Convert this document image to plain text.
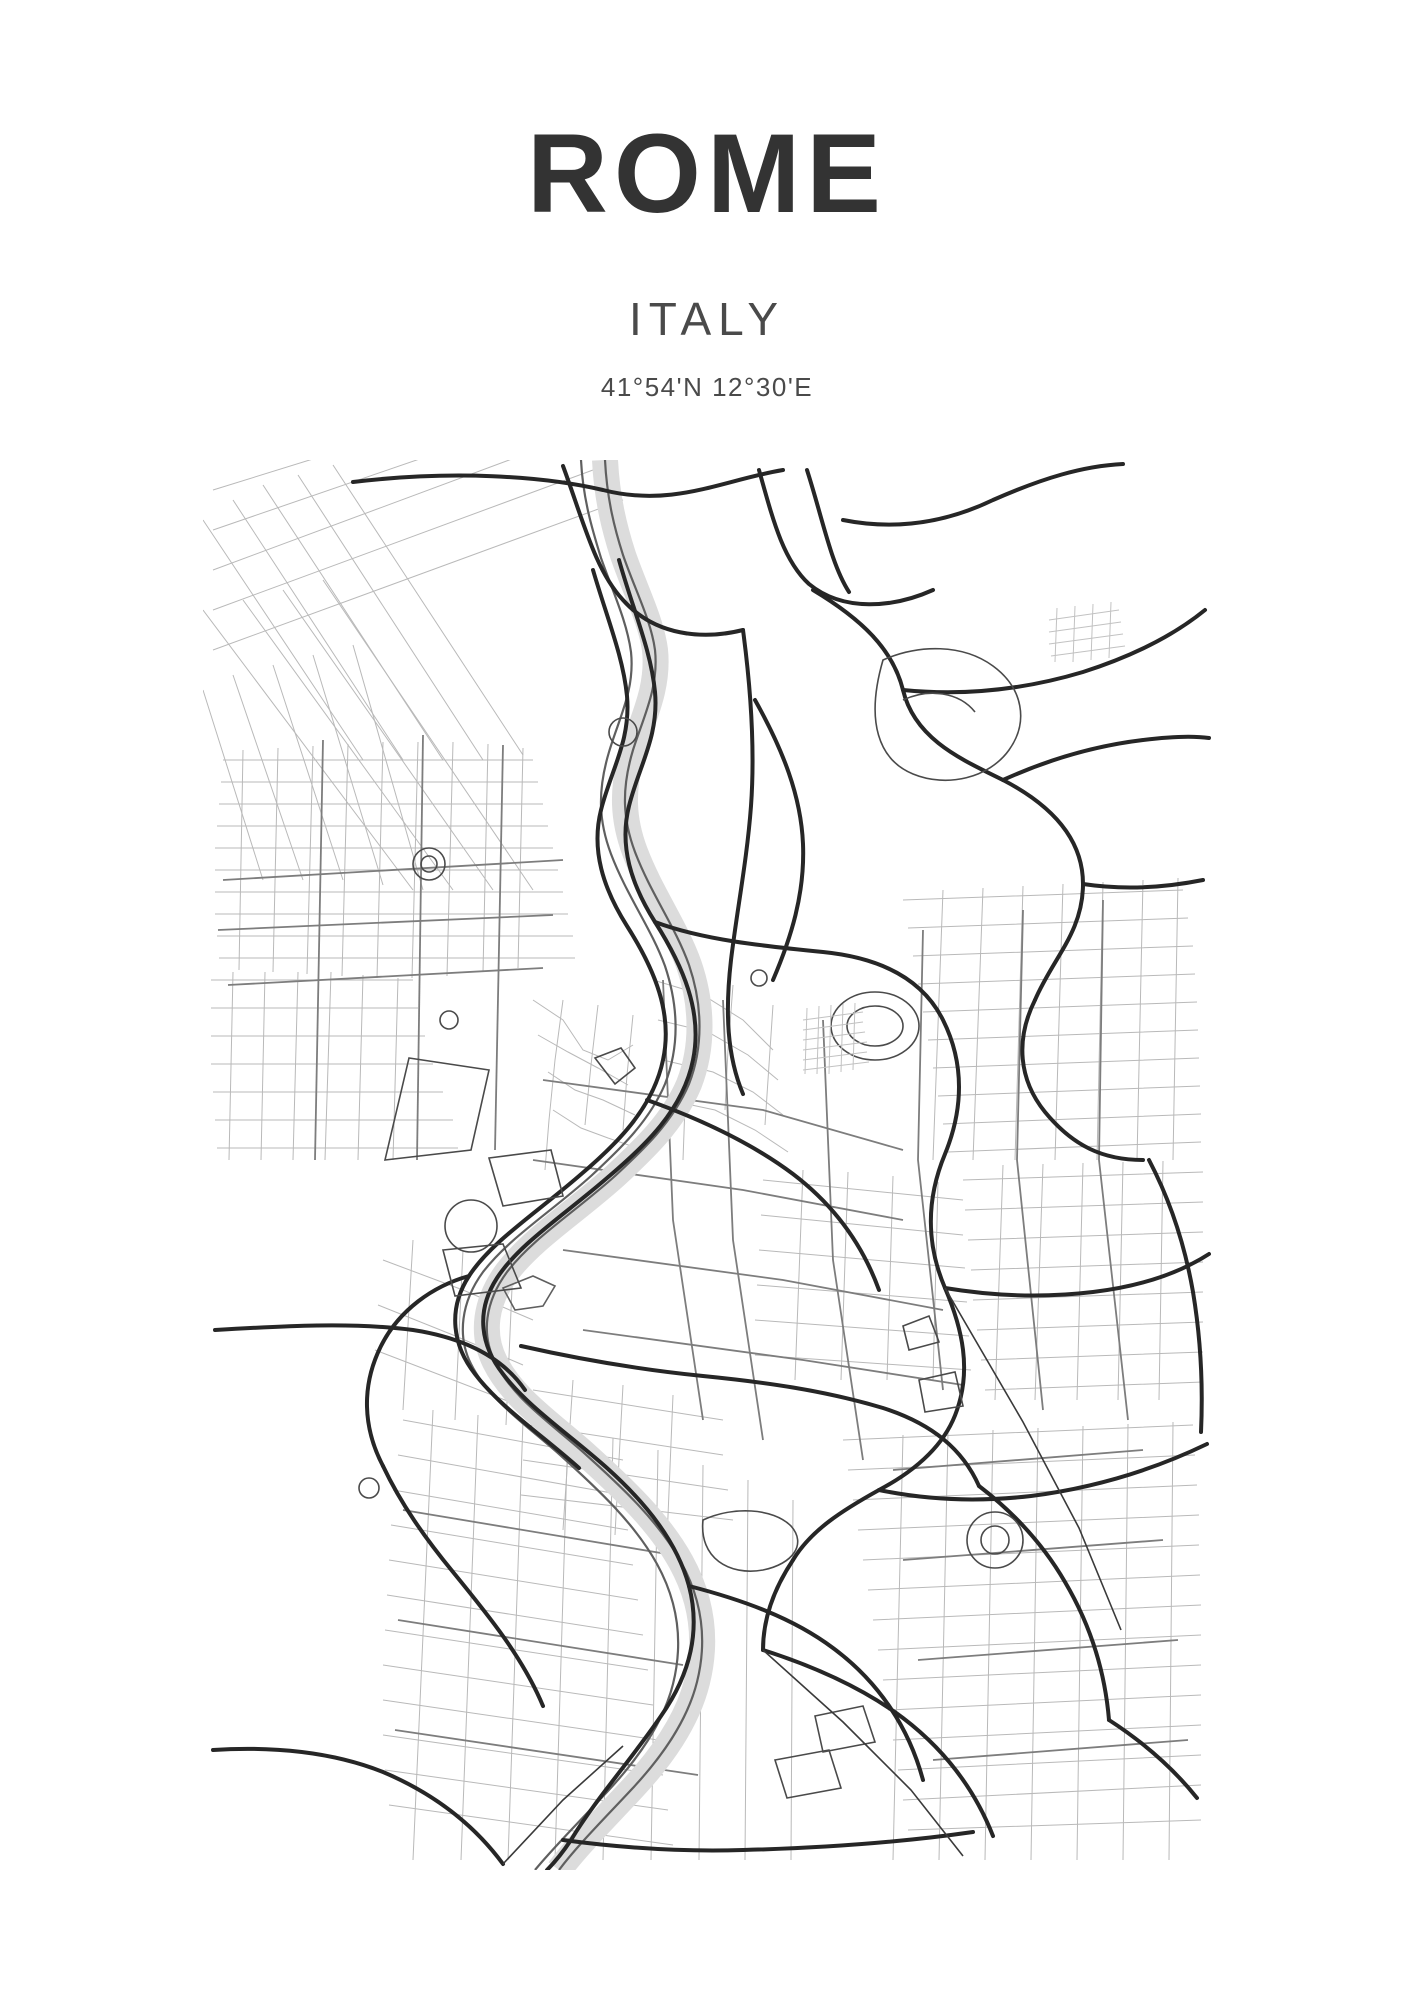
ROME
ITALY
41°54'N 12°30'E
